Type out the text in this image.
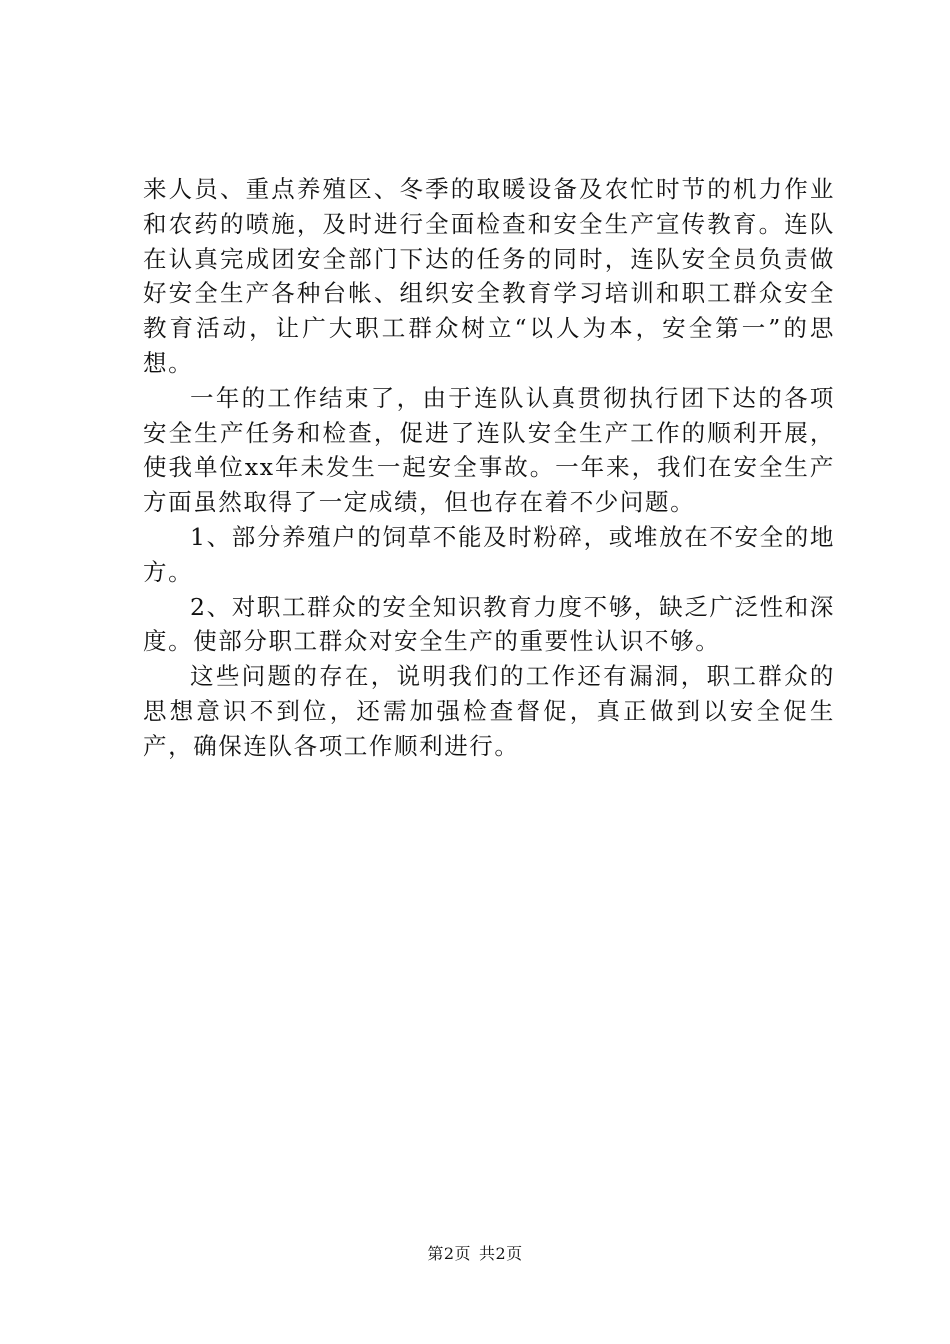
来人员、重点养殖区、冬季的取暖设备及农忙时节的机力作业和农药的喷施，及时进行全面检查和安全生产宣传教育。连队在认真完成团安全部门下达的任务的同时，连队安全员负责做好安全生产各种台帐、组织安全教育学习培训和职工群众安全教育活动，让广大职工群众树立“以人为本，安全第一”的思想。

一年的工作结束了，由于连队认真贯彻执行团下达的各项安全生产任务和检查，促进了连队安全生产工作的顺利开展，使我单位xx年未发生一起安全事故。一年来，我们在安全生产方面虽然取得了一定成绩，但也存在着不少问题。

1、部分养殖户的饲草不能及时粉碎，或堆放在不安全的地方。

2、对职工群众的安全知识教育力度不够，缺乏广泛性和深度。使部分职工群众对安全生产的重要性认识不够。

这些问题的存在，说明我们的工作还有漏洞，职工群众的思想意识不到位，还需加强检查督促，真正做到以安全促生产，确保连队各项工作顺利进行。

第2页 共2页
